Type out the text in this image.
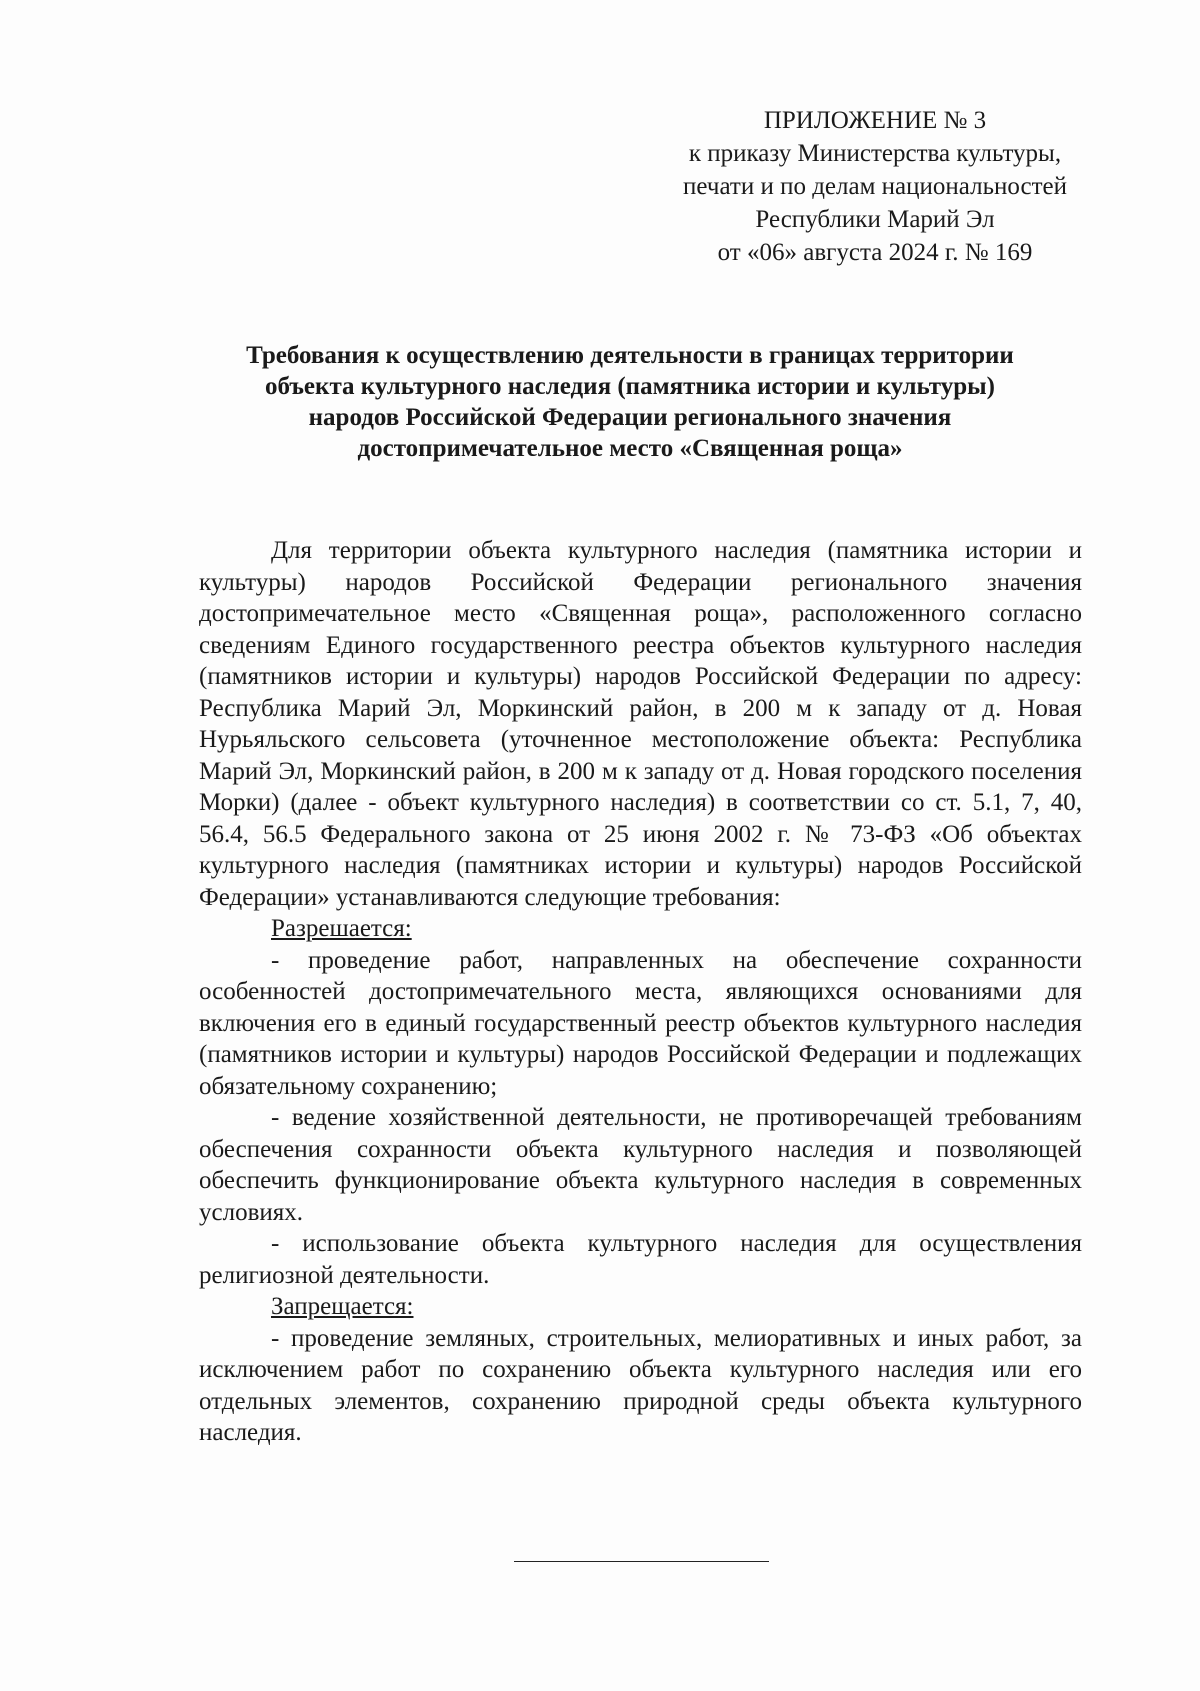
ПРИЛОЖЕНИЕ № 3
к приказу Министерства культуры,
печати и по делам национальностей
Республики Марий Эл
от «06» августа 2024 г. № 169
Требования к осуществлению деятельности в границах территории
объекта культурного наследия (памятника истории и культуры)
народов Российской Федерации регионального значения
достопримечательное место «Священная роща»

Для территории объекта культурного наследия (памятника истории и культуры) народов Российской Федерации регионального значения достопримечательное место «Священная роща», расположенного согласно сведениям Единого государственного реестра объектов культурного наследия (памятников истории и культуры) народов Российской Федерации по адресу: Республика Марий Эл, Моркинский район, в 200 м к западу от д. Новая Нурьяльского сельсовета (уточненное местоположение объекта: Республика Марий Эл, Моркинский район, в 200 м к западу от д. Новая городского поселения Морки) (далее - объект культурного наследия) в соответствии со ст. 5.1, 7, 40, 56.4, 56.5 Федерального закона от 25 июня 2002 г. № 73-ФЗ «Об объектах культурного наследия (памятниках истории и культуры) народов Российской Федерации» устанавливаются следующие требования:

Разрешается:

- проведение работ, направленных на обеспечение сохранности особенностей достопримечательного места, являющихся основаниями для включения его в единый государственный реестр объектов культурного наследия (памятников истории и культуры) народов Российской Федерации и подлежащих обязательному сохранению;

- ведение хозяйственной деятельности, не противоречащей требованиям обеспечения сохранности объекта культурного наследия и позволяющей обеспечить функционирование объекта культурного наследия в современных условиях.

- использование объекта культурного наследия для осуществления религиозной деятельности.

Запрещается:

- проведение земляных, строительных, мелиоративных и иных работ, за исключением работ по сохранению объекта культурного наследия или его отдельных элементов, сохранению природной среды объекта культурного наследия.
